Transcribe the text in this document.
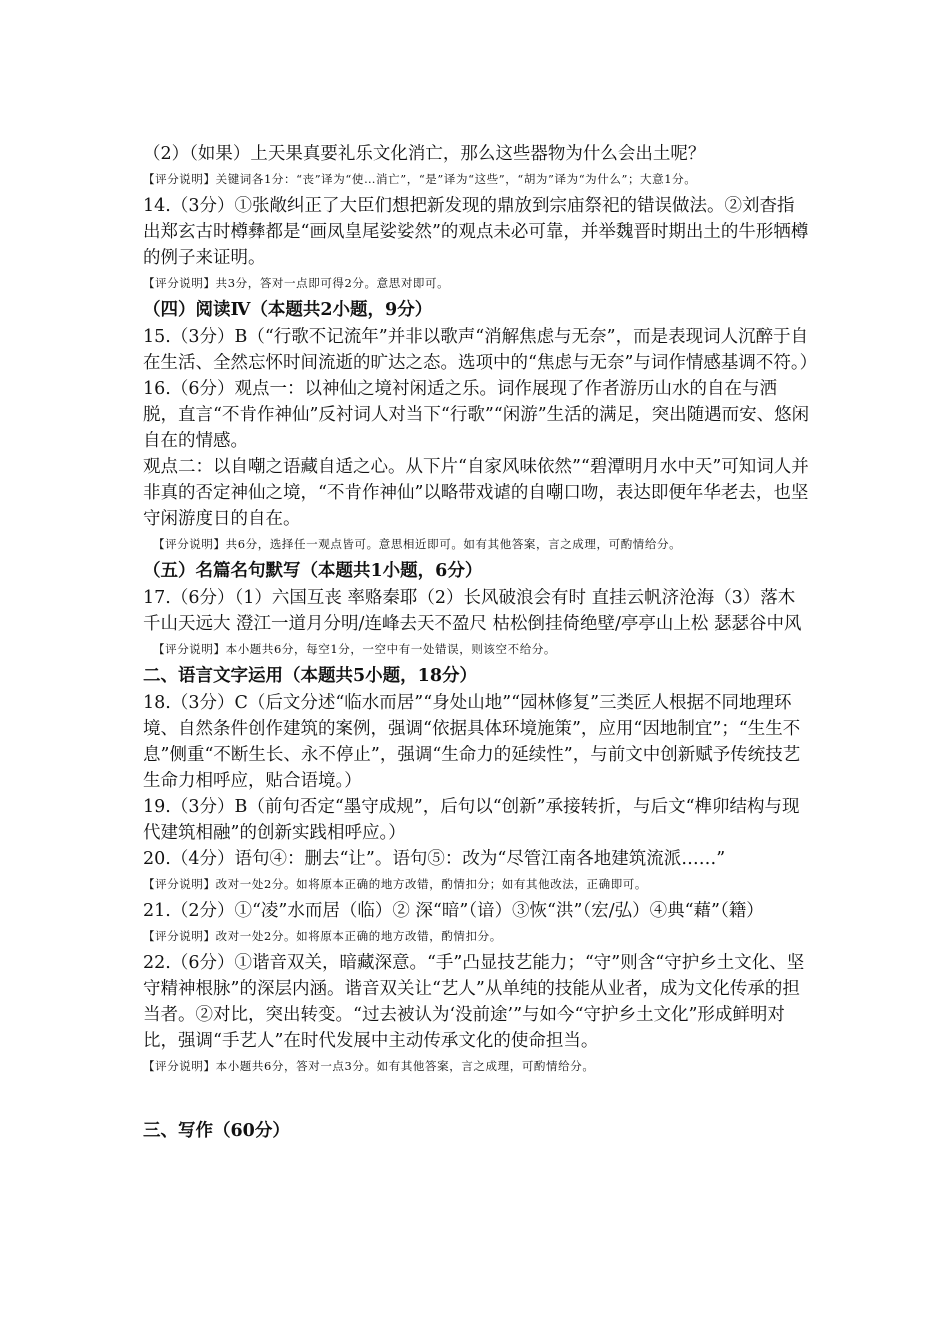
（2）（如果）上天果真要礼乐文化消亡，那么这些器物为什么会出土呢？

【评分说明】关键词各1分：“丧”译为“使…消亡”，“是”译为“这些”，“胡为”译为“为什么”；大意1分。

14.（3分）①张敞纠正了大臣们想把新发现的鼎放到宗庙祭祀的错误做法。②刘杳指出郑玄古时樽彝都是“画凤皇尾娑娑然”的观点未必可靠，并举魏晋时期出土的牛形牺樽的例子来证明。

【评分说明】共3分，答对一点即可得2分。意思对即可。

（四）阅读Ⅳ（本题共2小题，9分）

15.（3分）B（“行歌不记流年”并非以歌声“消解焦虑与无奈”，而是表现词人沉醉于自在生活、全然忘怀时间流逝的旷达之态。选项中的“焦虑与无奈”与词作情感基调不符。）

16.（6分）观点一：以神仙之境衬闲适之乐。词作展现了作者游历山水的自在与洒脱，直言“不肯作神仙”反衬词人对当下“行歌”“闲游”生活的满足，突出随遇而安、悠闲自在的情感。

观点二：以自嘲之语藏自适之心。从下片“自家风味依然”“碧潭明月水中天”可知词人并非真的否定神仙之境，“不肯作神仙”以略带戏谑的自嘲口吻，表达即便年华老去，也坚守闲游度日的自在。

【评分说明】共6分，选择任一观点皆可。意思相近即可。如有其他答案，言之成理，可酌情给分。

（五）名篇名句默写（本题共1小题，6分）

17.（6分）（1）六国互丧 率赂秦耶（2）长风破浪会有时 直挂云帆济沧海（3）落木千山天远大 澄江一道月分明/连峰去天不盈尺 枯松倒挂倚绝壁/亭亭山上松 瑟瑟谷中风

【评分说明】本小题共6分，每空1分，一空中有一处错误，则该空不给分。

二、语言文字运用（本题共5小题，18分）

18.（3分）C（后文分述“临水而居”“身处山地”“园林修复”三类匠人根据不同地理环境、自然条件创作建筑的案例，强调“依据具体环境施策”，应用“因地制宜”；“生生不息”侧重“不断生长、永不停止”，强调“生命力的延续性”，与前文中创新赋予传统技艺生命力相呼应，贴合语境。）

19.（3分）B（前句否定“墨守成规”，后句以“创新”承接转折，与后文“榫卯结构与现代建筑相融”的创新实践相呼应。）

20.（4分）语句④：删去“让”。语句⑤：改为“尽管江南各地建筑流派……”

【评分说明】改对一处2分。如将原本正确的地方改错，酌情扣分；如有其他改法，正确即可。

21.（2分）①“凌”水而居（临）② 深“暗”（谙）③恢“洪”（宏/弘）④典“藉”（籍）

【评分说明】改对一处2分。如将原本正确的地方改错，酌情扣分。

22.（6分）①谐音双关，暗藏深意。“手”凸显技艺能力；“守”则含“守护乡土文化、坚守精神根脉”的深层内涵。谐音双关让“艺人”从单纯的技能从业者，成为文化传承的担当者。②对比，突出转变。“过去被认为‘没前途’”与如今“守护乡土文化”形成鲜明对比，强调“手艺人”在时代发展中主动传承文化的使命担当。

【评分说明】本小题共6分，答对一点3分。如有其他答案，言之成理，可酌情给分。

三、写作（60分）
